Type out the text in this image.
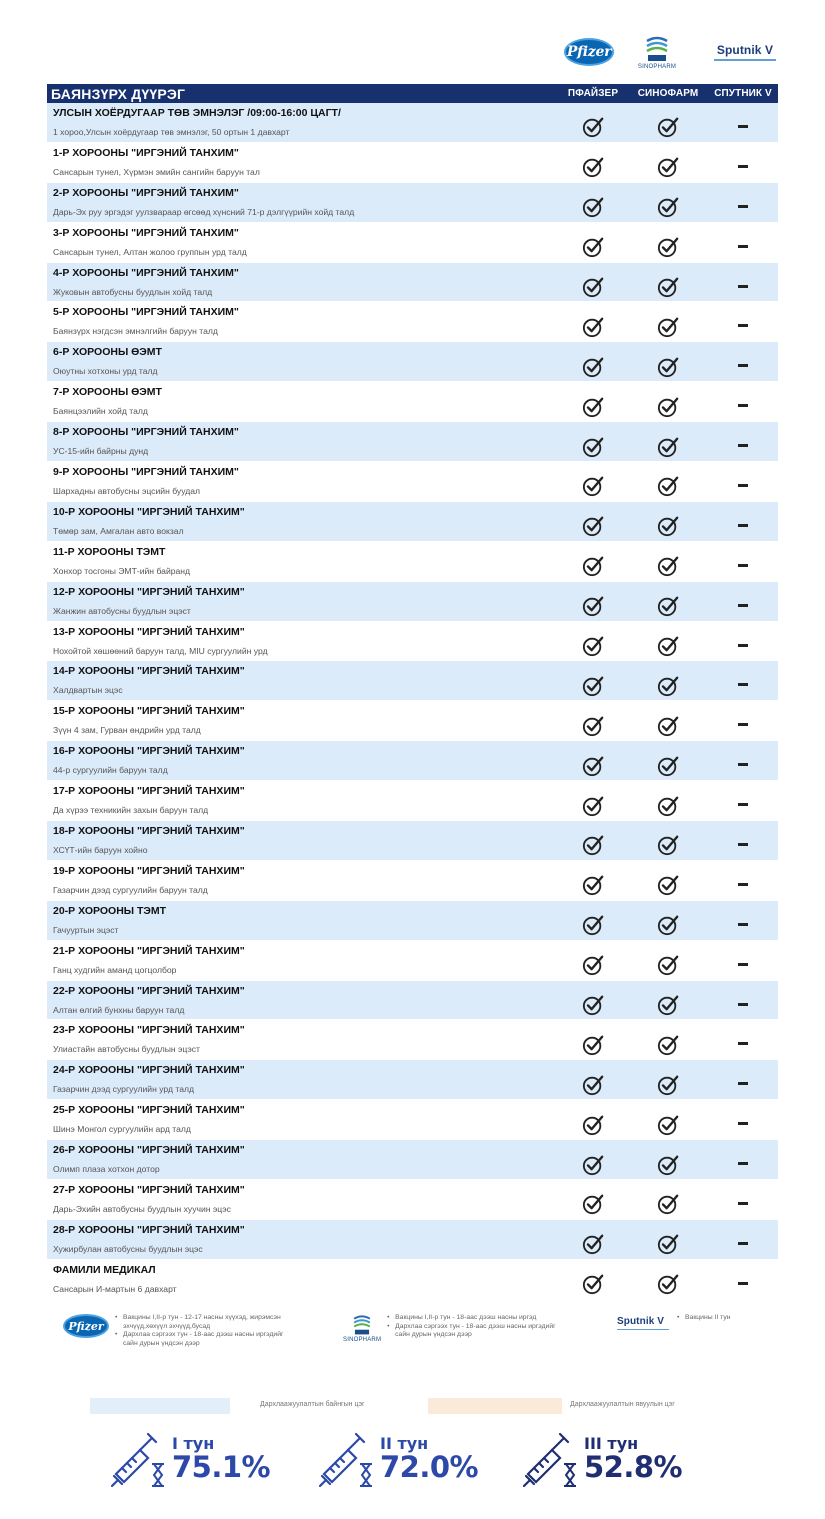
Pfizer
SINOPHARM
Sputnik V
БАЯНЗҮРХ ДҮҮРЭГ	ПФАЙЗЕР	СИНОФАРМ	СПУТНИК V
УЛСЫН ХОЁРДУГААР ТӨВ ЭМНЭЛЭГ /09:00-16:00 ЦАГТ/
1 хороо,Улсын хоёрдугаар төв эмнэлэг, 50 ортын 1 давхарт
1-Р ХОРООНЫ "ИРГЭНИЙ ТАНХИМ"
Сансарын тунел, Хүрмэн эмийн сангийн баруун тал
2-Р ХОРООНЫ "ИРГЭНИЙ ТАНХИМ"
Дарь-Эх руу эргэдэг уулзвараар өгсөөд хүнсний 71-р дэлгүүрийн хойд талд
3-Р ХОРООНЫ "ИРГЭНИЙ ТАНХИМ"
Сансарын тунел, Алтан жолоо группын урд талд
4-Р ХОРООНЫ "ИРГЭНИЙ ТАНХИМ"
Жуковын автобусны буудлын хойд талд
5-Р ХОРООНЫ "ИРГЭНИЙ ТАНХИМ"
Баянзүрх нэгдсэн эмнэлгийн баруун талд
6-Р ХОРООНЫ ӨЭМТ
Оюутны хотхоны урд талд
7-Р ХОРООНЫ ӨЭМТ
Баянцээлийн хойд талд
8-Р ХОРООНЫ "ИРГЭНИЙ ТАНХИМ"
УС-15-ийн байрны дунд
9-Р ХОРООНЫ "ИРГЭНИЙ ТАНХИМ"
Шархадны автобусны эцсийн буудал
10-Р ХОРООНЫ "ИРГЭНИЙ ТАНХИМ"
Төмөр зам, Амгалан авто вокзал
11-Р ХОРООНЫ ТЭМТ
Хонхор тосгоны ЭМТ-ийн байранд
12-Р ХОРООНЫ "ИРГЭНИЙ ТАНХИМ"
Жанжин автобусны буудлын эцэст
13-Р ХОРООНЫ "ИРГЭНИЙ ТАНХИМ"
Нохойтой хөшөөний баруун талд, MIU сургуулийн урд
14-Р ХОРООНЫ "ИРГЭНИЙ ТАНХИМ"
Халдвартын эцэс
15-Р ХОРООНЫ "ИРГЭНИЙ ТАНХИМ"
Зүүн 4 зам, Гурван өндрийн урд талд
16-Р ХОРООНЫ "ИРГЭНИЙ ТАНХИМ"
44-р сургуулийн баруун талд
17-Р ХОРООНЫ "ИРГЭНИЙ ТАНХИМ"
Да хүрээ техникийн захын баруун талд
18-Р ХОРООНЫ "ИРГЭНИЙ ТАНХИМ"
ХСҮТ-ийн баруун хойно
19-Р ХОРООНЫ "ИРГЭНИЙ ТАНХИМ"
Газарчин дээд сургуулийн баруун талд
20-Р ХОРООНЫ ТЭМТ
Гачууртын эцэст
21-Р ХОРООНЫ "ИРГЭНИЙ ТАНХИМ"
Ганц худгийн аманд цогцолбор
22-Р ХОРООНЫ "ИРГЭНИЙ ТАНХИМ"
Алтан өлгий бунхны баруун талд
23-Р ХОРООНЫ "ИРГЭНИЙ ТАНХИМ"
Улиастайн автобусны буудлын эцэст
24-Р ХОРООНЫ "ИРГЭНИЙ ТАНХИМ"
Газарчин дээд сургуулийн урд талд
25-Р ХОРООНЫ "ИРГЭНИЙ ТАНХИМ"
Шинэ Монгол сургуулийн ард талд
26-Р ХОРООНЫ "ИРГЭНИЙ ТАНХИМ"
Олимп плаза хотхон дотор
27-Р ХОРООНЫ "ИРГЭНИЙ ТАНХИМ"
Дарь-Эхийн автобусны буудлын хуучин эцэс
28-Р ХОРООНЫ "ИРГЭНИЙ ТАНХИМ"
Хужирбулан автобусны буудлын эцэс
ФАМИЛИ МЕДИКАЛ
Сансарын И-мартын 6 давхарт
Pfizer
• Вакцины I,II-р тун - 12-17 насны хүүхэд, жирэмсэн эхчүүд,хөхүүл эхчүүд,бусад
• Дархлаа сэргээх тун - 18-аас дээш насны иргэдийг сайн дурын үндсэн дээр	SINOPHARM
• Вакцины I,II-р тун - 18-аас дээш насны иргэд
• Дархлаа сэргээх тун - 18-аас дээш насны иргэдийг сайн дурын үндсэн дээр
Sputnik V
•	Вакцины II тун
Дархлаажуулалтын байнгын цэг	Дархлаажуулалтын явуулын цэг
I тун
75.1%
II тун
72.0%
III тун
52.8%
